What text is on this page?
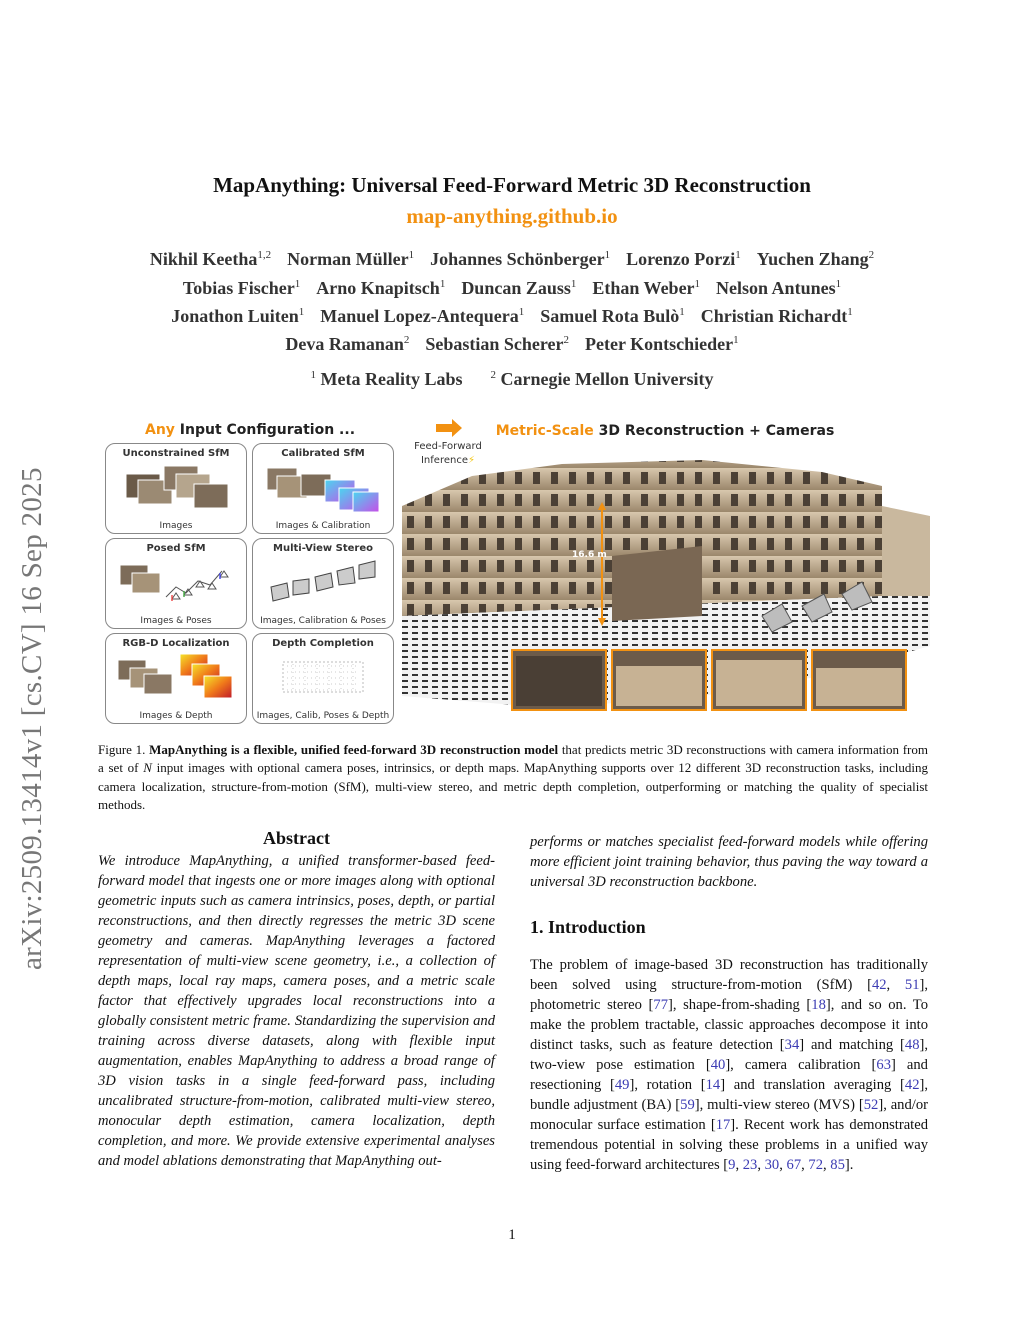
arXiv:2509.13414v1 [cs.CV] 16 Sep 2025
MapAnything: Universal Feed-Forward Metric 3D Reconstruction
map-anything.github.io
Nikhil Keetha$^{1,2}$ Norman Müller$^1$ Johannes Schönberger$^1$ Lorenzo Porzi$^1$ Yuchen Zhang$^2$
Tobias Fischer$^1$ Arno Knapitsch$^1$ Duncan Zauss$^1$ Ethan Weber$^1$ Nelson Antunes$^1$
Jonathon Luiten$^1$ Manuel Lopez-Antequera$^1$ Samuel Rota Bulò$^1$ Christian Richardt$^1$
Deva Ramanan$^2$ Sebastian Scherer$^2$ Peter Kontschieder$^1$
$^1$ Meta Reality Labs	$^2$ Carnegie Mellon University
Any Input Configuration ...
Feed-Forward
Inference⚡
Metric-Scale 3D Reconstruction + Cameras
Unconstrained SfM
Images
Calibrated SfM
Images & Calibration
Posed SfM
Images & Poses
Multi-View Stereo
Images, Calibration & Poses
RGB-D Localization
Images & Depth
Depth Completion
Images, Calib, Poses & Depth
16.6 m
Figure 1. MapAnything is a flexible, unified feed-forward 3D reconstruction model that predicts metric 3D reconstructions with camera information from a set of N input images with optional camera poses, intrinsics, or depth maps. MapAnything supports over 12 different 3D reconstruction tasks, including camera localization, structure-from-motion (SfM), multi-view stereo, and metric depth completion, outperforming or matching the quality of specialist methods.
Abstract

We introduce MapAnything, a unified transformer-based feed-forward model that ingests one or more images along with optional geometric inputs such as camera intrinsics, poses, depth, or partial reconstructions, and then directly regresses the metric 3D scene geometry and cameras. MapAnything leverages a factored representation of multi-view scene geometry, i.e., a collection of depth maps, local ray maps, camera poses, and a metric scale factor that effectively upgrades local reconstructions into a globally consistent metric frame. Standardizing the supervision and training across diverse datasets, along with flexible input augmentation, enables MapAnything to address a broad range of 3D vision tasks in a single feed-forward pass, including uncalibrated structure-from-motion, calibrated multi-view stereo, monocular depth estimation, camera localization, depth completion, and more. We provide extensive experimental analyses and model ablations demonstrating that MapAnything out-

performs or matches specialist feed-forward models while offering more efficient joint training behavior, thus paving the way toward a universal 3D reconstruction backbone.

1. Introduction

The problem of image-based 3D reconstruction has traditionally been solved using structure-from-motion (SfM) [42, 51], photometric stereo [77], shape-from-shading [18], and so on. To make the problem tractable, classic approaches decompose it into distinct tasks, such as feature detection [34] and matching [48], two-view pose estimation [40], camera calibration [63] and resectioning [49], rotation [14] and translation averaging [42], bundle adjustment (BA) [59], multi-view stereo (MVS) [52], and/or monocular surface estimation [17]. Recent work has demonstrated tremendous potential in solving these problems in a unified way using feed-forward architectures [9, 23, 30, 67, 72, 85].

1
